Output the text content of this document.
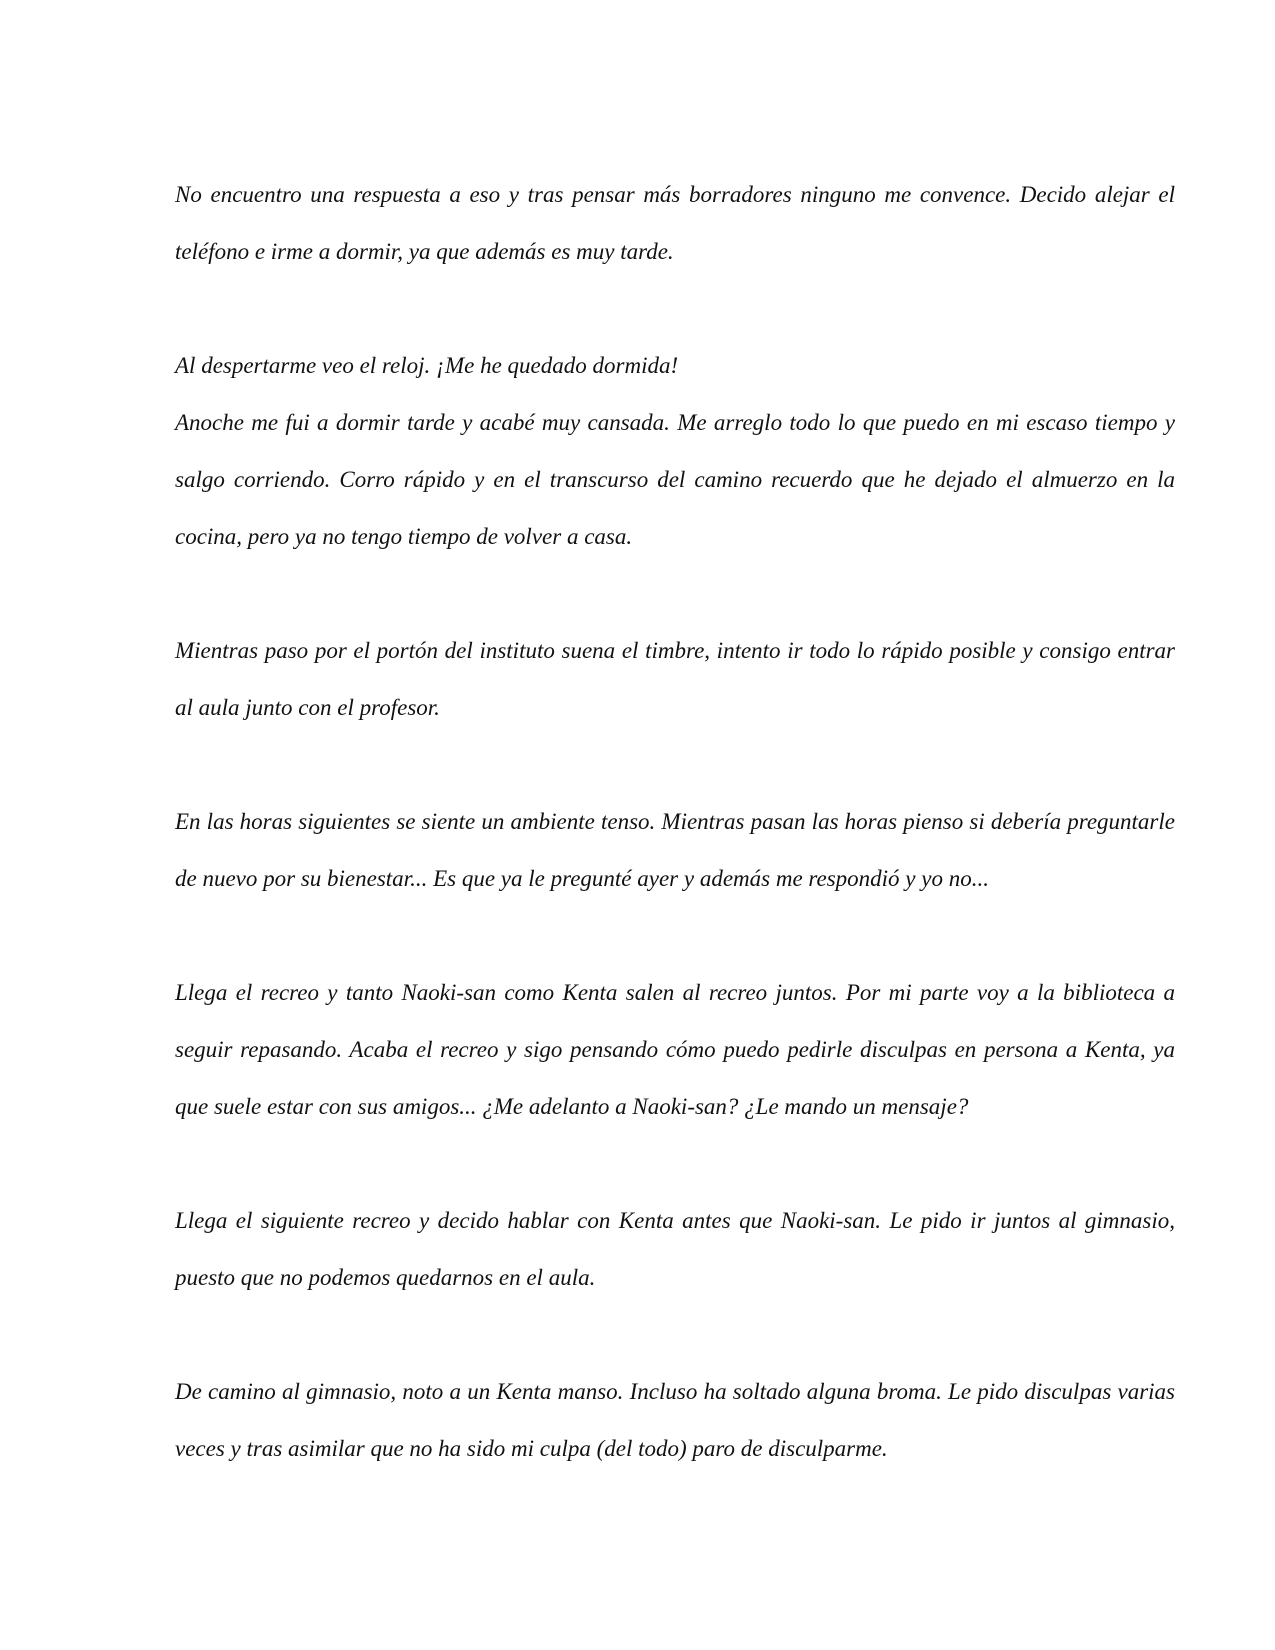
No encuentro una respuesta a eso y tras pensar más borradores ninguno me convence. Decido alejar el teléfono e irme a dormir, ya que además es muy tarde.

Al despertarme veo el reloj. ¡Me he quedado dormida!

Anoche me fui a dormir tarde y acabé muy cansada. Me arreglo todo lo que puedo en mi escaso tiempo y salgo corriendo. Corro rápido y en el transcurso del camino recuerdo que he dejado el almuerzo en la cocina, pero ya no tengo tiempo de volver a casa.

Mientras paso por el portón del instituto suena el timbre, intento ir todo lo rápido posible y consigo entrar al aula junto con el profesor.

En las horas siguientes se siente un ambiente tenso. Mientras pasan las horas pienso si debería preguntarle de nuevo por su bienestar... Es que ya le pregunté ayer y además me respondió y yo no...

Llega el recreo y tanto Naoki-san como Kenta salen al recreo juntos. Por mi parte voy a la biblioteca a seguir repasando. Acaba el recreo y sigo pensando cómo puedo pedirle disculpas en persona a Kenta, ya que suele estar con sus amigos... ¿Me adelanto a Naoki-san? ¿Le mando un mensaje?

Llega el siguiente recreo y decido hablar con Kenta antes que Naoki-san. Le pido ir juntos al gimnasio, puesto que no podemos quedarnos en el aula.

De camino al gimnasio, noto a un Kenta manso. Incluso ha soltado alguna broma. Le pido disculpas varias veces y tras asimilar que no ha sido mi culpa (del todo) paro de disculparme.
